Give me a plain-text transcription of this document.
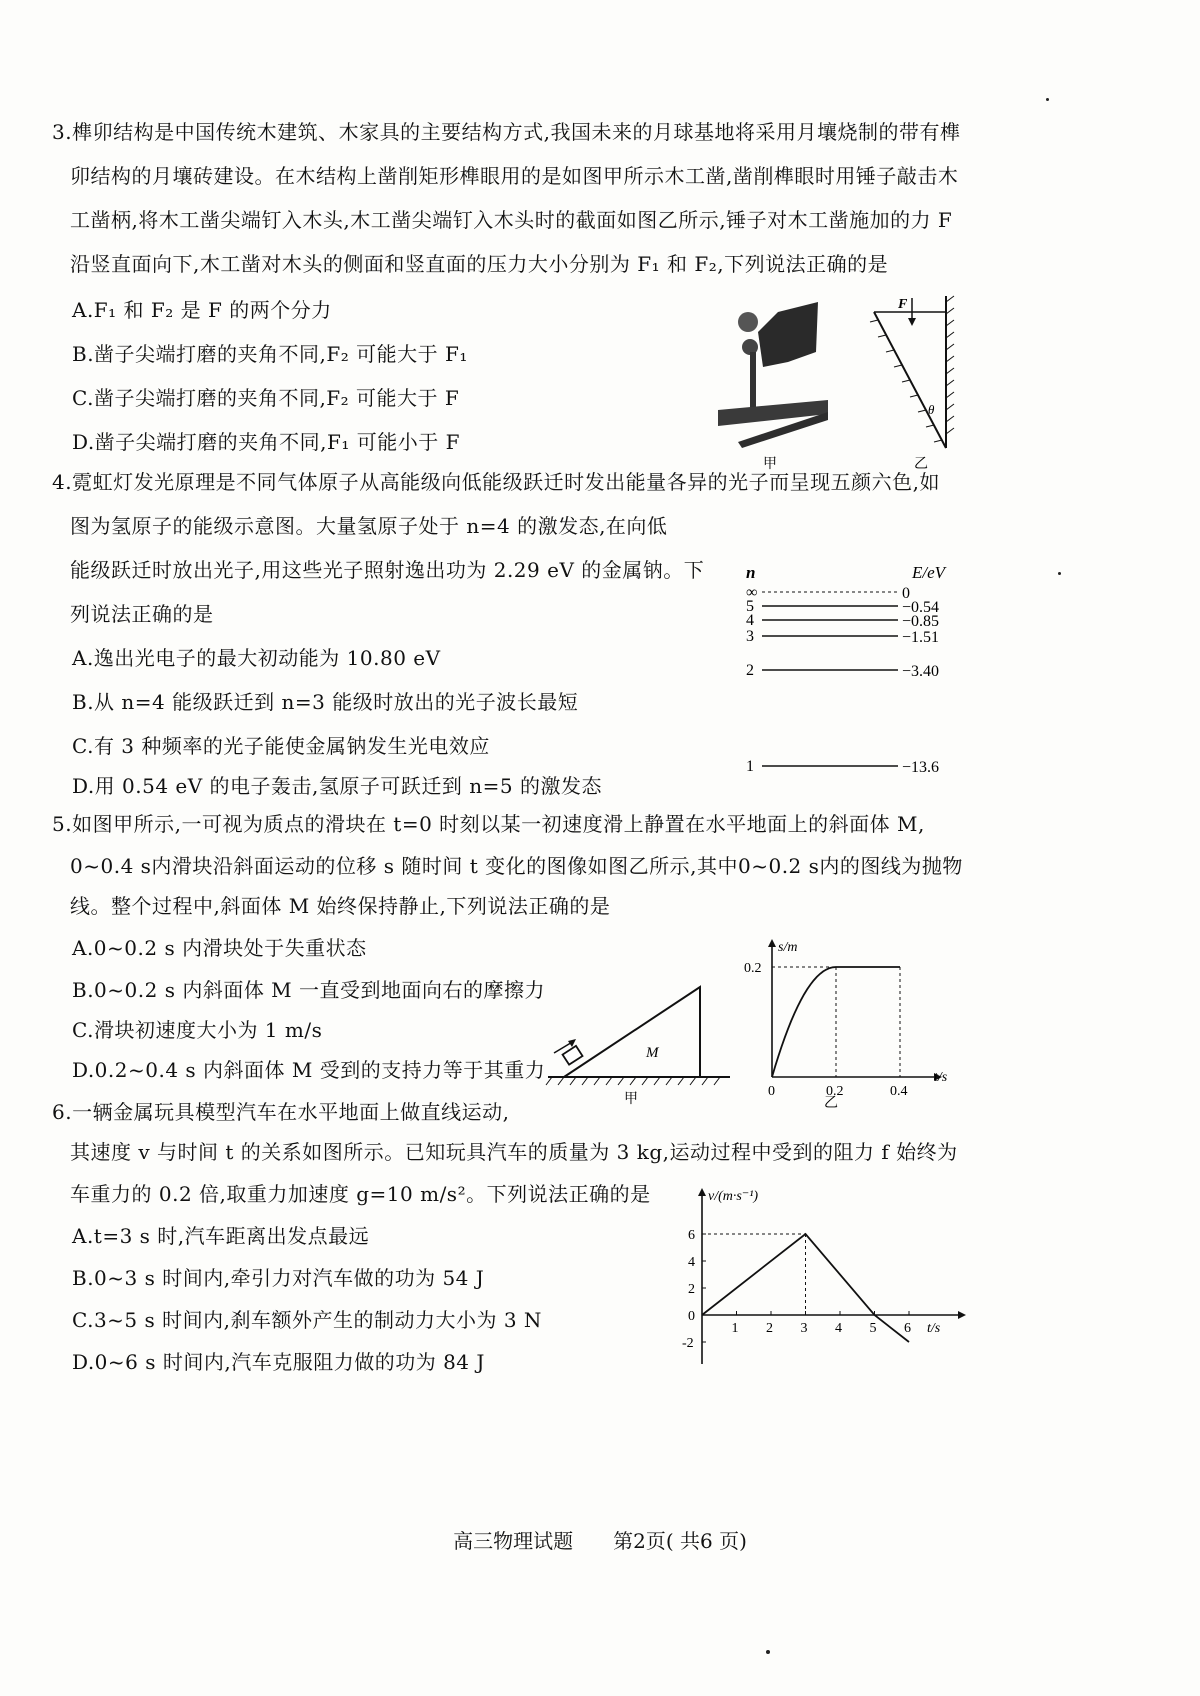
3.榫卯结构是中国传统木建筑、木家具的主要结构方式,我国未来的月球基地将采用月壤烧制的带有榫
卯结构的月壤砖建设。在木结构上凿削矩形榫眼用的是如图甲所示木工凿,凿削榫眼时用锤子敲击木
工凿柄,将木工凿尖端钉入木头,木工凿尖端钉入木头时的截面如图乙所示,锤子对木工凿施加的力 F
沿竖直面向下,木工凿对木头的侧面和竖直面的压力大小分别为 F₁ 和 F₂,下列说法正确的是
A.F₁ 和 F₂ 是 F 的两个分力
B.凿子尖端打磨的夹角不同,F₂ 可能大于 F₁
C.凿子尖端打磨的夹角不同,F₂ 可能大于 F
D.凿子尖端打磨的夹角不同,F₁ 可能小于 F
甲
F
θ
乙
4.霓虹灯发光原理是不同气体原子从高能级向低能级跃迁时发出能量各异的光子而呈现五颜六色,如
图为氢原子的能级示意图。大量氢原子处于 n=4 的激发态,在向低
能级跃迁时放出光子,用这些光子照射逸出功为 2.29 eV 的金属钠。下
列说法正确的是
A.逸出光电子的最大初动能为 10.80 eV
B.从 n=4 能级跃迁到 n=3 能级时放出的光子波长最短
C.有 3 种频率的光子能使金属钠发生光电效应
D.用 0.54 eV 的电子轰击,氢原子可跃迁到 n=5 的激发态
n	E/eV
∞	0
5	−0.54
4	−0.85
3	−1.51
2	−3.40
1	−13.6
5.如图甲所示,一可视为质点的滑块在 t=0 时刻以某一初速度滑上静置在水平地面上的斜面体 M,
0~0.4 s内滑块沿斜面运动的位移 s 随时间 t 变化的图像如图乙所示,其中0~0.2 s内的图线为抛物
线。整个过程中,斜面体 M 始终保持静止,下列说法正确的是
A.0~0.2 s 内滑块处于失重状态
B.0~0.2 s 内斜面体 M 一直受到地面向右的摩擦力
C.滑块初速度大小为 1 m/s
D.0.2~0.4 s 内斜面体 M 受到的支持力等于其重力
M
甲
s/m
t/s
0	0.2	0.4
0.2
乙
6.一辆金属玩具模型汽车在水平地面上做直线运动,
其速度 v 与时间 t 的关系如图所示。已知玩具汽车的质量为 3 kg,运动过程中受到的阻力 f 始终为
车重力的 0.2 倍,取重力加速度 g=10 m/s²。下列说法正确的是
A.t=3 s 时,汽车距离出发点最远
B.0~3 s 时间内,牵引力对汽车做的功为 54 J
C.3~5 s 时间内,刹车额外产生的制动力大小为 3 N
D.0~6 s 时间内,汽车克服阻力做的功为 84 J
v/(m·s⁻¹)
t/s
1 2 3 4 5 6
6
4
2
0
-2
高三物理试题　　第2页( 共6 页)
